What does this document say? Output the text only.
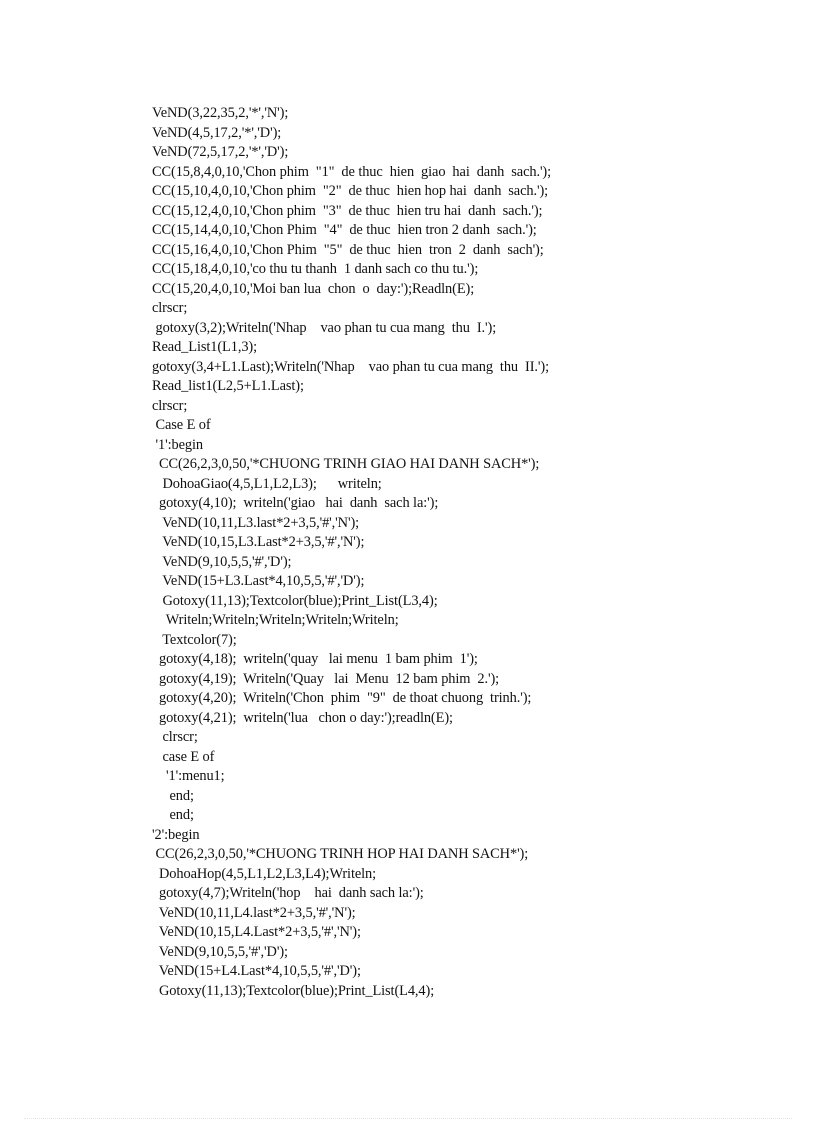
VeND(3,22,35,2,'*','N');
VeND(4,5,17,2,'*','D');
VeND(72,5,17,2,'*','D');
CC(15,8,4,0,10,'Chon phim  "1"  de thuc  hien  giao  hai  danh  sach.');
CC(15,10,4,0,10,'Chon phim  "2"  de thuc  hien hop hai  danh  sach.');
CC(15,12,4,0,10,'Chon phim  "3"  de thuc  hien tru hai  danh  sach.');
CC(15,14,4,0,10,'Chon Phim  "4"  de thuc  hien tron 2 danh  sach.');
CC(15,16,4,0,10,'Chon Phim  "5"  de thuc  hien  tron  2  danh  sach');
CC(15,18,4,0,10,'co thu tu thanh  1 danh sach co thu tu.');
CC(15,20,4,0,10,'Moi ban lua  chon  o  day:');Readln(E);
clrscr;
gotoxy(3,2);Writeln('Nhap    vao phan tu cua mang  thu  I.');
Read_List1(L1,3);
gotoxy(3,4+L1.Last);Writeln('Nhap    vao phan tu cua mang  thu  II.');
Read_list1(L2,5+L1.Last);
clrscr;
Case E of
'1':begin
CC(26,2,3,0,50,'*CHUONG TRINH GIAO HAI DANH SACH*');
DohoaGiao(4,5,L1,L2,L3);      writeln;
gotoxy(4,10);  writeln('giao   hai  danh  sach la:');
VeND(10,11,L3.last*2+3,5,'#','N');
VeND(10,15,L3.Last*2+3,5,'#','N');
VeND(9,10,5,5,'#','D');
VeND(15+L3.Last*4,10,5,5,'#','D');
Gotoxy(11,13);Textcolor(blue);Print_List(L3,4);
Writeln;Writeln;Writeln;Writeln;Writeln;
Textcolor(7);
gotoxy(4,18);  writeln('quay   lai menu  1 bam phim  1');
gotoxy(4,19);  Writeln('Quay   lai  Menu  12 bam phim  2.');
gotoxy(4,20);  Writeln('Chon  phim  "9"  de thoat chuong  trinh.');
gotoxy(4,21);  writeln('lua   chon o day:');readln(E);
clrscr;
case E of
'1':menu1;
end;
end;
'2':begin
CC(26,2,3,0,50,'*CHUONG TRINH HOP HAI DANH SACH*');
DohoaHop(4,5,L1,L2,L3,L4);Writeln;
gotoxy(4,7);Writeln('hop    hai  danh sach la:');
VeND(10,11,L4.last*2+3,5,'#','N');
VeND(10,15,L4.Last*2+3,5,'#','N');
VeND(9,10,5,5,'#','D');
VeND(15+L4.Last*4,10,5,5,'#','D');
Gotoxy(11,13);Textcolor(blue);Print_List(L4,4);
